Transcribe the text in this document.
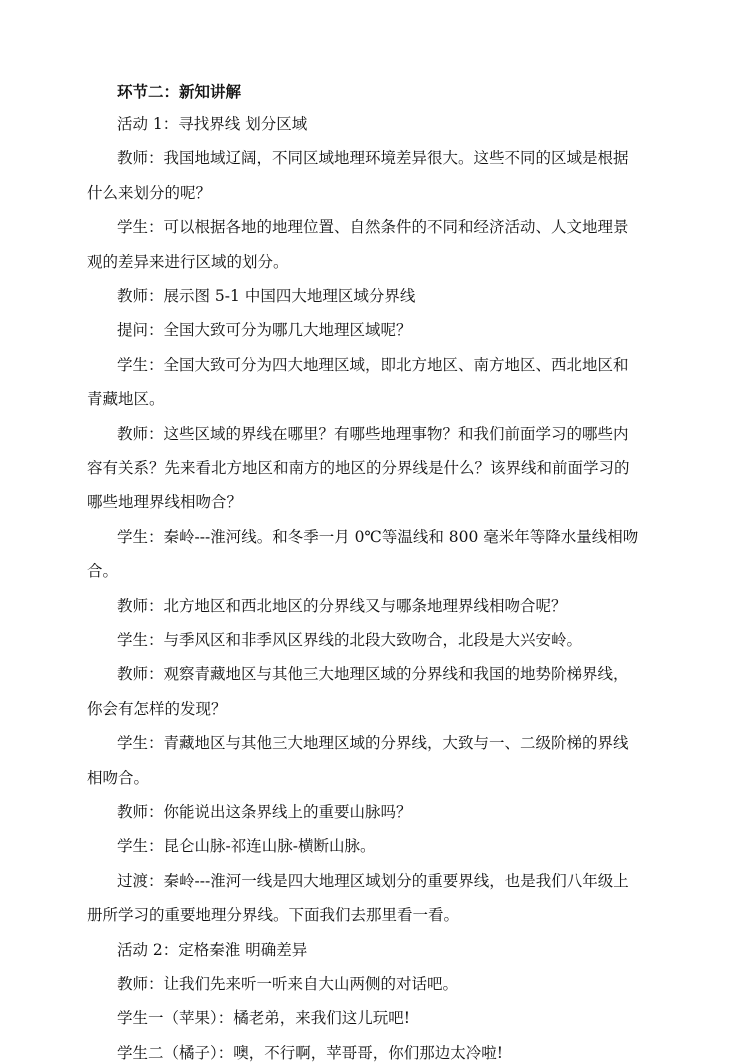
环节二：新知讲解
活动 1：寻找界线 划分区域
教师：我国地域辽阔，不同区域地理环境差异很大。这些不同的区域是根据
什么来划分的呢？
学生：可以根据各地的地理位置、自然条件的不同和经济活动、人文地理景
观的差异来进行区域的划分。
教师：展示图 5-1 中国四大地理区域分界线
提问：全国大致可分为哪几大地理区域呢？
学生：全国大致可分为四大地理区域，即北方地区、南方地区、西北地区和
青藏地区。
教师：这些区域的界线在哪里？有哪些地理事物？和我们前面学习的哪些内
容有关系？先来看北方地区和南方的地区的分界线是什么？该界线和前面学习的
哪些地理界线相吻合？
学生：秦岭---淮河线。和冬季一月 0℃等温线和 800 毫米年等降水量线相吻
合。
教师：北方地区和西北地区的分界线又与哪条地理界线相吻合呢？
学生：与季风区和非季风区界线的北段大致吻合，北段是大兴安岭。
教师：观察青藏地区与其他三大地理区域的分界线和我国的地势阶梯界线，
你会有怎样的发现？
学生：青藏地区与其他三大地理区域的分界线，大致与一、二级阶梯的界线
相吻合。
教师：你能说出这条界线上的重要山脉吗？
学生：昆仑山脉-祁连山脉-横断山脉。
过渡：秦岭---淮河一线是四大地理区域划分的重要界线，也是我们八年级上
册所学习的重要地理分界线。下面我们去那里看一看。
活动 2：定格秦淮 明确差异
教师：让我们先来听一听来自大山两侧的对话吧。
学生一（苹果）：橘老弟，来我们这儿玩吧!
学生二（橘子）：噢，不行啊，苹哥哥，你们那边太冷啦!
